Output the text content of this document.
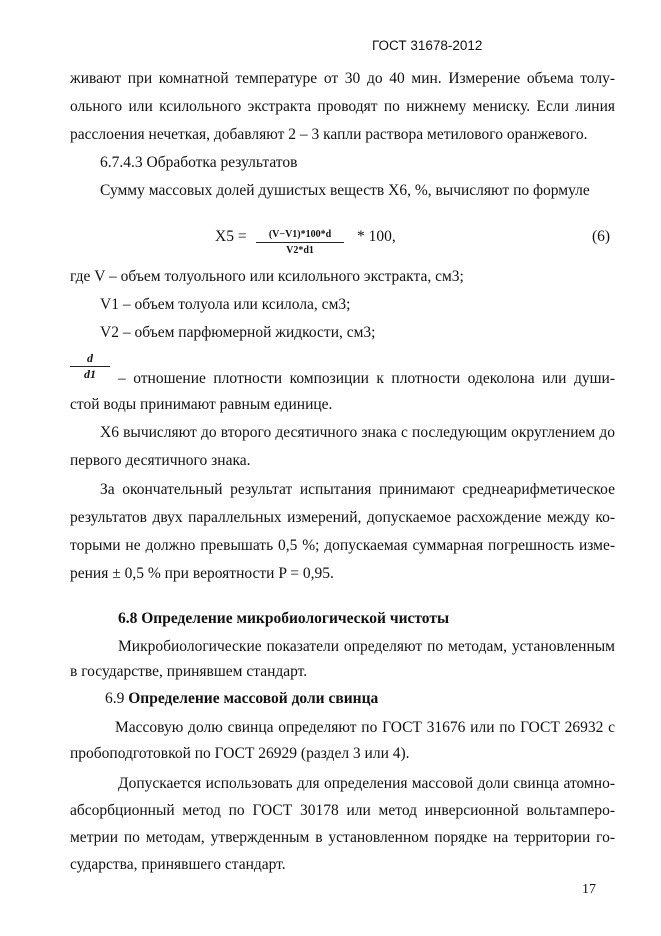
ГОСТ 31678-2012
живают при комнатной температуре от 30 до 40 мин. Измерение объема толу-
ольного или ксилольного экстракта проводят по нижнему мениску. Если линия
расслоения нечеткая, добавляют 2 – 3 капли раствора метилового оранжевого.
6.7.4.3 Обработка результатов
Сумму массовых долей душистых веществ X6, %, вычисляют по формуле
X5 =	(V−V1)*100*d
V2*d1
* 100,	(6)
где V – объем толуольного или ксилольного экстракта, см3;
V1 – объем толуола или ксилола, см3;
V2 – объем парфюмерной жидкости, см3;
d
d1	– отношение плотности композиции к плотности одеколона или души-
стой воды принимают равным единице.
X6 вычисляют до второго десятичного знака с последующим округлением до
первого десятичного знака.
За окончательный результат испытания принимают среднеарифметическое
результатов двух параллельных измерений, допускаемое расхождение между ко-
торыми не должно превышать 0,5 %; допускаемая суммарная погрешность изме-
рения ± 0,5 % при вероятности P = 0,95.
6.8 Определение микробиологической чистоты
Микробиологические показатели определяют по методам, установленным
в государстве, принявшем стандарт.
6.9 Определение массовой доли свинца
Массовую долю свинца определяют по ГОСТ 31676 или по ГОСТ 26932 с
пробоподготовкой по ГОСТ 26929 (раздел 3 или 4).
Допускается использовать для определения массовой доли свинца атомно-
абсорбционный метод по ГОСТ 30178 или метод инверсионной вольтамперо-
метрии по методам, утвержденным в установленном порядке на территории го-
сударства, принявшего стандарт.
17
